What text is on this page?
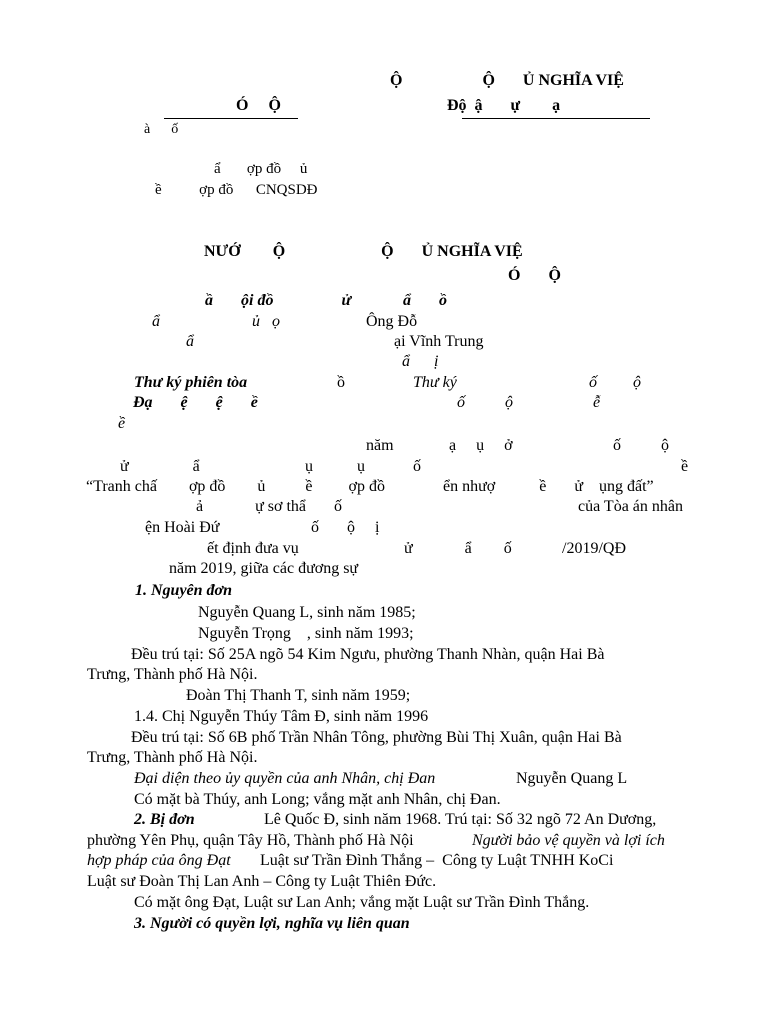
Ộ                    Ộ       Ủ NGHĨA VIỆ
Ó     Ộ	Độ  ậ       ự        ạ
à      ố
ẩ       ợp đồ     ủ
ề          ợp đồ      CNQSDĐ
NƯỚ        Ộ                        Ộ       Ủ NGHĨA VIỆ
Ó       Ộ
ầ       ội đồ                 ử             ẩ       ồ
ẩ                       ủ   ọ	Ông Đỗ
ẩ	ại Vĩnh Trung
ẩ      ị
Thư ký phiên tòa	ồ	Thư ký	ố         ộ
Đạ       ệ       ệ       ề	ố          ộ                    ễ
ề
năm	ạ     ụ     ở	ố          ộ
ử                ẩ	ụ           ụ            ố	ề
“Tranh chấ        ợp đồ        ủ          ề         ợp đồ	ển nhượ           ề       ử    ụng đất”
ả             ự sơ thẩ       ố	của Tòa án nhân
ện Hoài Đứ	ố       ộ     ị
ết định đưa vụ	ử             ẩ        ố	/2019/QĐ
năm 2019, giữa các đương sự
1. Nguyên đơn
Nguyễn Quang L, sinh năm 1985;
Nguyễn Trọng    , sinh năm 1993;
Đều trú tại: Số 25A ngõ 54 Kim Ngưu, phường Thanh Nhàn, quận Hai Bà
Trưng, Thành phố Hà Nội.
Đoàn Thị Thanh T, sinh năm 1959;
1.4. Chị Nguyễn Thúy Tâm Đ, sinh năm 1996
Đều trú tại: Số 6B phố Trần Nhân Tông, phường Bùi Thị Xuân, quận Hai Bà
Trưng, Thành phố Hà Nội.
Đại diện theo ủy quyền của anh Nhân, chị Đan	Nguyễn Quang L
Có mặt bà Thúy, anh Long; vắng mặt anh Nhân, chị Đan.
2. Bị đơn	Lê Quốc Đ, sinh năm 1968. Trú tại: Số 32 ngõ 72 An Dương,
phường Yên Phụ, quận Tây Hồ, Thành phố Hà Nội	Người bảo vệ quyền và lợi ích
hợp pháp của ông Đạt Luật sư Trần Đình Thắng –  Công ty Luật TNHH KoCi
Luật sư Đoàn Thị Lan Anh – Công ty Luật Thiên Đức.
Có mặt ông Đạt, Luật sư Lan Anh; vắng mặt Luật sư Trần Đình Thắng.
3. Người có quyền lợi, nghĩa vụ liên quan
